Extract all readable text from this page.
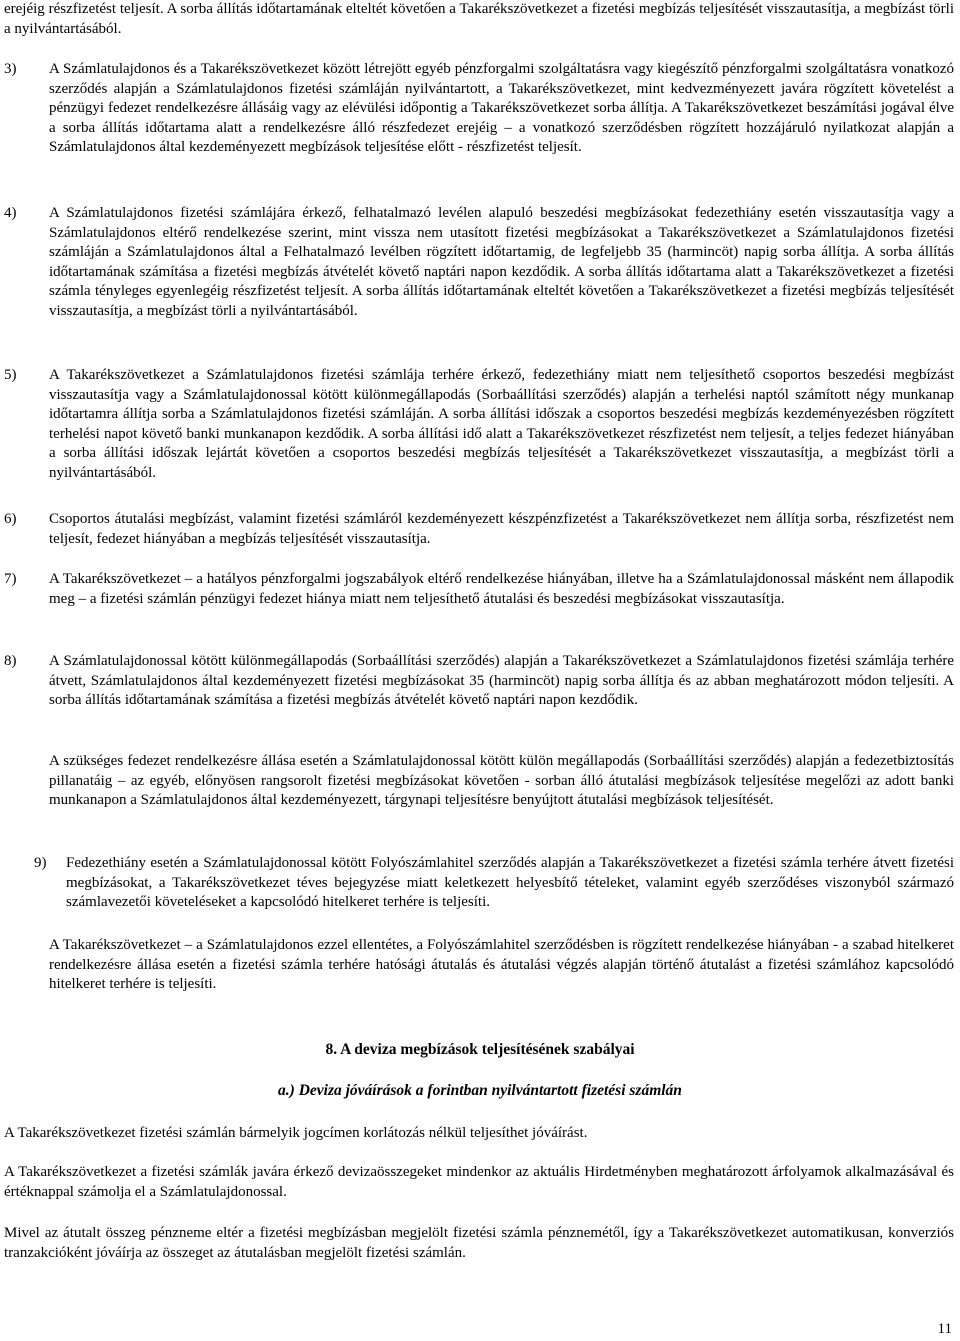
erejéig részfizetést teljesít. A sorba állítás időtartamának elteltét követően a Takarékszövetkezet a fizetési megbízás teljesítését visszautasítja, a megbízást törli a nyilvántartásából.

3)	A Számlatulajdonos és a Takarékszövetkezet között létrejött egyéb pénzforgalmi szolgáltatásra vagy kiegészítő pénzforgalmi szolgáltatásra vonatkozó szerződés alapján a Számlatulajdonos fizetési számláján nyilvántartott, a Takarékszövetkezet, mint kedvezményezett javára rögzített követelést a pénzügyi fedezet rendelkezésre állásáig vagy az elévülési időpontig a Takarékszövetkezet sorba állítja. A Takarékszövetkezet beszámítási jogával élve a sorba állítás időtartama alatt a rendelkezésre álló részfedezet erejéig – a vonatkozó szerződésben rögzített hozzájáruló nyilatkozat alapján a Számlatulajdonos által kezdeményezett megbízások teljesítése előtt - részfizetést teljesít.

4)	A Számlatulajdonos fizetési számlájára érkező, felhatalmazó levélen alapuló beszedési megbízásokat fedezethiány esetén visszautasítja vagy a Számlatulajdonos eltérő rendelkezése szerint, mint vissza nem utasított fizetési megbízásokat a Takarékszövetkezet a Számlatulajdonos fizetési számláján a Számlatulajdonos által a Felhatalmazó levélben rögzített időtartamig, de legfeljebb 35 (harmincöt) napig sorba állítja. A sorba állítás időtartamának számítása a fizetési megbízás átvételét követő naptári napon kezdődik. A sorba állítás időtartama alatt a Takarékszövetkezet a fizetési számla tényleges egyenlegéig részfizetést teljesít. A sorba állítás időtartamának elteltét követően a Takarékszövetkezet a fizetési megbízás teljesítését visszautasítja, a megbízást törli a nyilvántartásából.

5)	A Takarékszövetkezet a Számlatulajdonos fizetési számlája terhére érkező, fedezethiány miatt nem teljesíthető csoportos beszedési megbízást visszautasítja vagy a Számlatulajdonossal kötött különmegállapodás (Sorbaállítási szerződés) alapján a terhelési naptól számított négy munkanap időtartamra állítja sorba a Számlatulajdonos fizetési számláján. A sorba állítási időszak a csoportos beszedési megbízás kezdeményezésben rögzített terhelési napot követő banki munkanapon kezdődik. A sorba állítási idő alatt a Takarékszövetkezet részfizetést nem teljesít, a teljes fedezet hiányában a sorba állítási időszak lejártát követően a csoportos beszedési megbízás teljesítését a Takarékszövetkezet visszautasítja, a megbízást törli a nyilvántartásából.

6)	Csoportos átutalási megbízást, valamint fizetési számláról kezdeményezett készpénzfizetést a Takarékszövetkezet nem állítja sorba, részfizetést nem teljesít, fedezet hiányában a megbízás teljesítését visszautasítja.

7)	A Takarékszövetkezet – a hatályos pénzforgalmi jogszabályok eltérő rendelkezése hiányában, illetve ha a Számlatulajdonossal másként nem állapodik meg – a fizetési számlán pénzügyi fedezet hiánya miatt nem teljesíthető átutalási és beszedési megbízásokat visszautasítja.

8)	A Számlatulajdonossal kötött különmegállapodás (Sorbaállítási szerződés) alapján a Takarékszövetkezet a Számlatulajdonos fizetési számlája terhére átvett, Számlatulajdonos által kezdeményezett fizetési megbízásokat 35 (harmincöt) napig sorba állítja és az abban meghatározott módon teljesíti. A sorba állítás időtartamának számítása a fizetési megbízás átvételét követő naptári napon kezdődik.

A szükséges fedezet rendelkezésre állása esetén a Számlatulajdonossal kötött külön megállapodás (Sorbaállítási szerződés) alapján a fedezetbiztosítás pillanatáig – az egyéb, előnyösen rangsorolt fizetési megbízásokat követően - sorban álló átutalási megbízások teljesítése megelőzi az adott banki munkanapon a Számlatulajdonos által kezdeményezett, tárgynapi teljesítésre benyújtott átutalási megbízások teljesítését.

9)	Fedezethiány esetén a Számlatulajdonossal kötött Folyószámlahitel szerződés alapján a Takarékszövetkezet a fizetési számla terhére átvett fizetési megbízásokat, a Takarékszövetkezet téves bejegyzése miatt keletkezett helyesbítő tételeket, valamint egyéb szerződéses viszonyból származó számlavezetői követeléseket a kapcsolódó hitelkeret terhére is teljesíti.

A Takarékszövetkezet – a Számlatulajdonos ezzel ellentétes, a Folyószámlahitel szerződésben is rögzített rendelkezése hiányában - a szabad hitelkeret rendelkezésre állása esetén a fizetési számla terhére hatósági átutalás és átutalási végzés alapján történő átutalást a fizetési számlához kapcsolódó hitelkeret terhére is teljesíti.

8. A deviza megbízások teljesítésének szabályai
a.) Deviza jóváírások a forintban nyilvántartott fizetési számlán

A Takarékszövetkezet fizetési számlán bármelyik jogcímen korlátozás nélkül teljesíthet jóváírást.

A Takarékszövetkezet a fizetési számlák javára érkező devizaösszegeket mindenkor az aktuális Hirdetményben meghatározott árfolyamok alkalmazásával és értéknappal számolja el a Számlatulajdonossal.

Mivel az átutalt összeg pénzneme eltér a fizetési megbízásban megjelölt fizetési számla pénznemétől, így a Takarékszövetkezet automatikusan, konverziós tranzakcióként jóváírja az összeget az átutalásban megjelölt fizetési számlán.

11
